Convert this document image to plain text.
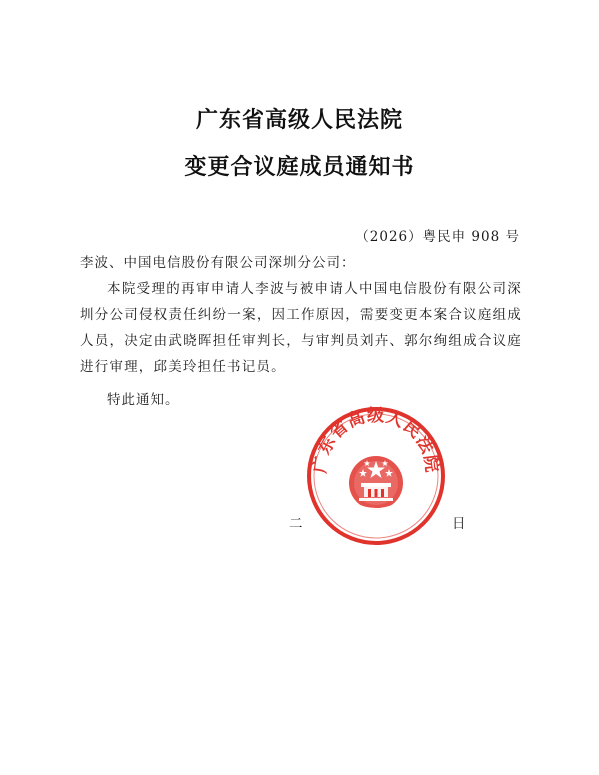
广东省高级人民法院
变更合议庭成员通知书
（2026）粤民申 908 号
李波、中国电信股份有限公司深圳分公司：

本院受理的再审申请人李波与被申请人中国电信股份有限公司深圳分公司侵权责任纠纷一案，因工作原因，需要变更本案合议庭组成人员，决定由武晓晖担任审判长，与审判员刘卉、郭尔绚组成合议庭进行审理，邱美玲担任书记员。

特此通知。
二	日
广东省高级人民法院
